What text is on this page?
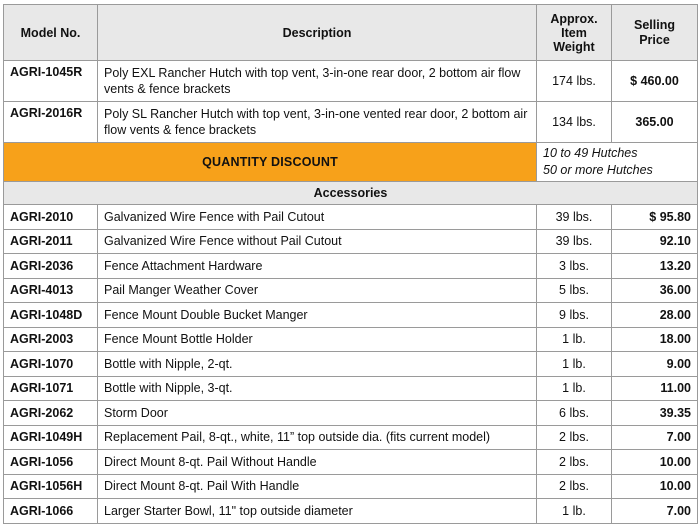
Model No.	Description	Approx.
Item
Weight	Selling
Price
AGRI-1045R	Poly EXL Rancher Hutch with top vent, 3-in-one rear door, 2 bottom air flow vents & fence brackets	174 lbs.	$ 460.00
AGRI-2016R	Poly SL Rancher Hutch with top vent, 3-in-one vented rear door, 2 bottom air flow vents & fence brackets	134 lbs.	365.00
QUANTITY DISCOUNT		10 to 49 Hutches
50 or more Hutches	
Accessories			
AGRI-2010	Galvanized Wire Fence with Pail Cutout	39 lbs.	$ 95.80
AGRI-2011	Galvanized Wire Fence without Pail Cutout	39 lbs.	92.10
AGRI-2036	Fence Attachment Hardware	3 lbs.	13.20
AGRI-4013	Pail Manger Weather Cover	5 lbs.	36.00
AGRI-1048D	Fence Mount Double Bucket Manger	9 lbs.	28.00
AGRI-2003	Fence Mount Bottle Holder	1 lb.	18.00
AGRI-1070	Bottle with Nipple, 2-qt.	1 lb.	9.00
AGRI-1071	Bottle with Nipple, 3-qt.	1 lb.	11.00
AGRI-2062	Storm Door	6 lbs.	39.35
AGRI-1049H	Replacement Pail, 8-qt., white, 11” top outside dia. (fits current model)	2 lbs.	7.00
AGRI-1056	Direct Mount 8-qt. Pail Without Handle	2 lbs.	10.00
AGRI-1056H	Direct Mount 8-qt. Pail With Handle	2 lbs.	10.00
AGRI-1066	Larger Starter Bowl, 11" top outside diameter	1 lb.	7.00
